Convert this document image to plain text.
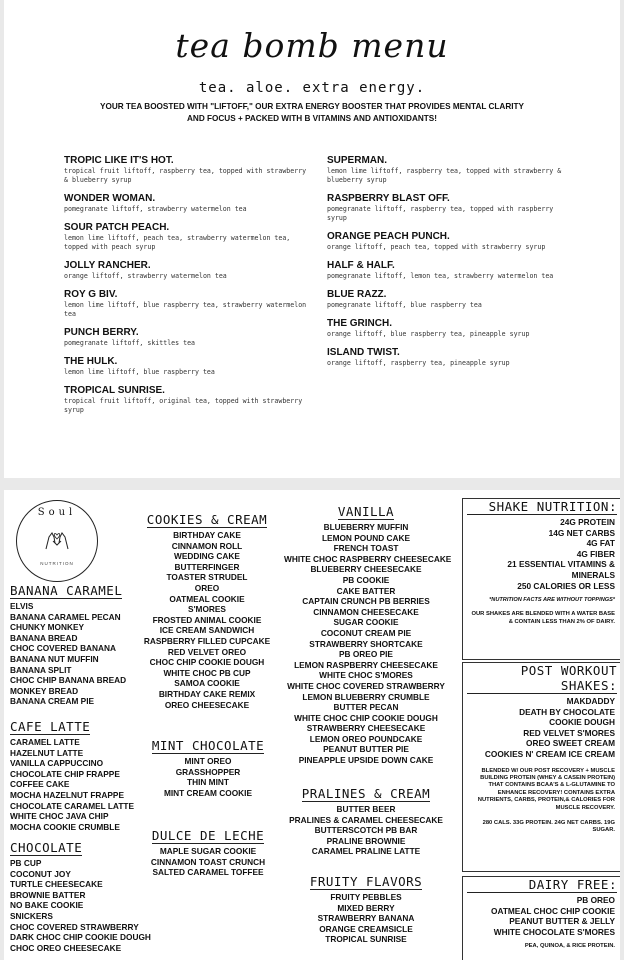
tea bomb menu
tea. aloe. extra energy.
YOUR TEA BOOSTED WITH "LIFTOFF," OUR EXTRA ENERGY BOOSTER THAT PROVIDES MENTAL CLARITY AND FOCUS + PACKED WITH B VITAMINS AND ANTIOXIDANTS!
TROPIC LIKE IT'S HOT.
tropical fruit liftoff, raspberry tea, topped with strawberry & blueberry syrup
WONDER WOMAN.
pomegranate liftoff, strawberry watermelon tea
SOUR PATCH PEACH.
lemon lime liftoff, peach tea, strawberry watermelon tea, topped with peach syrup
JOLLY RANCHER.
orange liftoff, strawberry watermelon tea
ROY G BIV.
lemon lime liftoff, blue raspberry tea, strawberry watermelon tea
PUNCH BERRY.
pomegranate liftoff, skittles tea
THE HULK.
lemon lime liftoff, blue raspberry tea
TROPICAL SUNRISE.
tropical fruit liftoff, original tea, topped with strawberry syrup
SUPERMAN.
lemon lime liftoff, raspberry tea, topped with strawberry & blueberry syrup
RASPBERRY BLAST OFF.
pomegranate liftoff, raspberry tea, topped with raspberry syrup
ORANGE PEACH PUNCH.
orange liftoff, peach tea, topped with strawberry syrup
HALF & HALF.
pomegranate liftoff, lemon tea, strawberry watermelon tea
BLUE RAZZ.
pomegranate liftoff, blue raspberry tea
THE GRINCH.
orange liftoff, blue raspberry tea, pineapple syrup
ISLAND TWIST.
orange liftoff, raspberry tea, pineapple syrup
Soul
NUTRITION
BANANA CARAMEL
ELVIS
BANANA CARAMEL PECAN
CHUNKY MONKEY
BANANA BREAD
CHOC COVERED BANANA
BANANA NUT MUFFIN
BANANA SPLIT
CHOC CHIP BANANA BREAD
MONKEY BREAD
BANANA CREAM PIE
CAFE LATTE
CARAMEL LATTE
HAZELNUT LATTE
VANILLA CAPPUCCINO
CHOCOLATE CHIP FRAPPE
COFFEE CAKE
MOCHA HAZELNUT FRAPPE
CHOCOLATE CARAMEL LATTE
WHITE CHOC JAVA CHIP
MOCHA COOKIE CRUMBLE
CHOCOLATE
PB CUP
COCONUT JOY
TURTLE CHEESECAKE
BROWNIE BATTER
NO BAKE COOKIE
SNICKERS
CHOC COVERED STRAWBERRY
DARK CHOC CHIP COOKIE DOUGH
CHOC OREO CHEESECAKE
COOKIES & CREAM
BIRTHDAY CAKE
CINNAMON ROLL
WEDDING CAKE
BUTTERFINGER
TOASTER STRUDEL
OREO
OATMEAL COOKIE
S'MORES
FROSTED ANIMAL COOKIE
ICE CREAM SANDWICH
RASPBERRY FILLED CUPCAKE
RED VELVET OREO
CHOC CHIP COOKIE DOUGH
WHITE CHOC PB CUP
SAMOA COOKIE
BIRTHDAY CAKE REMIX
OREO CHEESECAKE
MINT CHOCOLATE
MINT OREO
GRASSHOPPER
THIN MINT
MINT CREAM COOKIE
DULCE DE LECHE
MAPLE SUGAR COOKIE
CINNAMON TOAST CRUNCH
SALTED CARAMEL TOFFEE
VANILLA
BLUEBERRY MUFFIN
LEMON POUND CAKE
FRENCH TOAST
WHITE CHOC RASPBERRY CHEESECAKE
BLUEBERRY CHEESECAKE
PB COOKIE
CAKE BATTER
CAPTAIN CRUNCH PB BERRIES
CINNAMON CHEESECAKE
SUGAR COOKIE
COCONUT CREAM PIE
STRAWBERRY SHORTCAKE
PB OREO PIE
LEMON RASPBERRY CHEESECAKE
WHITE CHOC S'MORES
WHITE CHOC COVERED STRAWBERRY
LEMON BLUEBERRY CRUMBLE
BUTTER PECAN
WHITE CHOC CHIP COOKIE DOUGH
STRAWBERRY CHEESECAKE
LEMON OREO POUNDCAKE
PEANUT BUTTER PIE
PINEAPPLE UPSIDE DOWN CAKE
PRALINES & CREAM
BUTTER BEER
PRALINES & CARAMEL CHEESECAKE
BUTTERSCOTCH PB BAR
PRALINE BROWNIE
CARAMEL PRALINE LATTE
FRUITY FLAVORS
FRUITY PEBBLES
MIXED BERRY
STRAWBERRY BANANA
ORANGE CREAMSICLE
TROPICAL SUNRISE
SHAKE NUTRITION:
24G PROTEIN
14G NET CARBS
4G FAT
4G FIBER
21 ESSENTIAL VITAMINS &
MINERALS
250 CALORIES OR LESS
*NUTRITION FACTS ARE WITHOUT TOPPINGS*
OUR SHAKES ARE BLENDED WITH A WATER BASE & CONTAIN LESS THAN 2% OF DAIRY.
POST WORKOUT
SHAKES:
MAKDADDY
DEATH BY CHOCOLATE
COOKIE DOUGH
RED VELVET S'MORES
OREO SWEET CREAM
COOKIES N' CREAM ICE CREAM
BLENDED W/ OUR POST RECOVERY + MUSCLE BUILDING PROTEIN (WHEY & CASEIN PROTEIN) THAT CONTAINS BCAA'S & L-GLUTAMINE TO ENHANCE RECOVERY! CONTAINS EXTRA NUTRIENTS, CARBS, PROTEIN,& CALORIES FOR MUSCLE RECOVERY.
280 CALS. 33G PROTEIN. 24G NET CARBS. 19G SUGAR.
DAIRY FREE:
PB OREO
OATMEAL CHOC CHIP COOKIE
PEANUT BUTTER & JELLY
WHITE CHOCOLATE S'MORES
PEA, QUINOA, & RICE PROTEIN.
